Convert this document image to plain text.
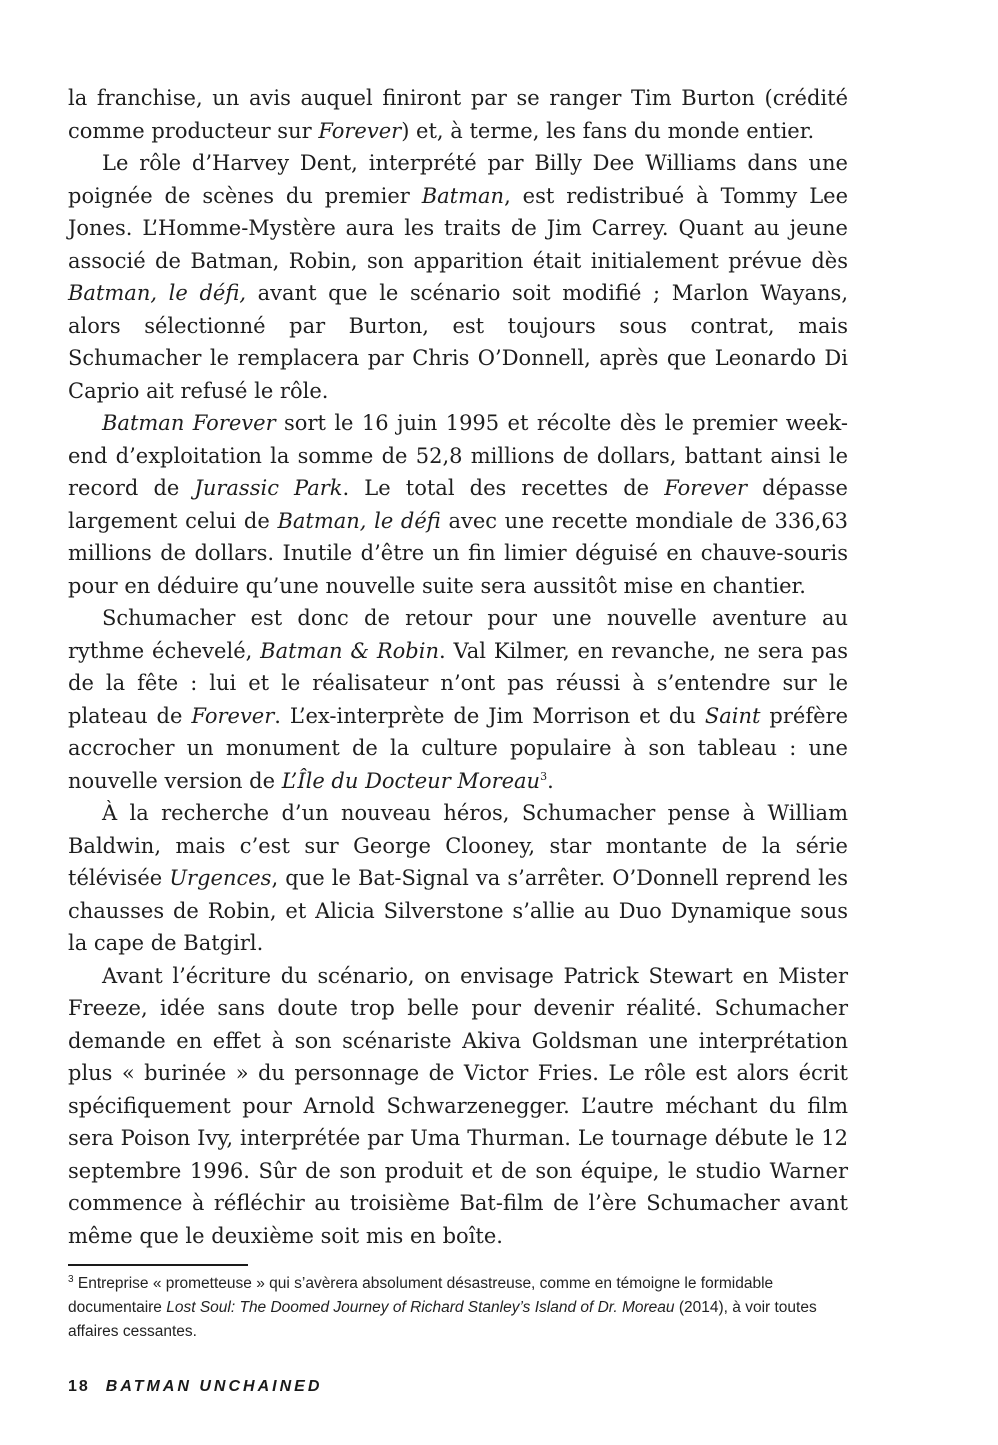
la franchise, un avis auquel finiront par se ranger Tim Burton (crédité comme producteur sur Forever) et, à terme, les fans du monde entier.

Le rôle d’Harvey Dent, interprété par Billy Dee Williams dans une poignée de scènes du premier Batman, est redistribué à Tommy Lee Jones. L’Homme-Mystère aura les traits de Jim Carrey. Quant au jeune associé de Batman, Robin, son apparition était initialement prévue dès Batman, le défi, avant que le scénario soit modifié ; Marlon Wayans, alors sélectionné par Burton, est toujours sous contrat, mais Schumacher le remplacera par Chris O’Donnell, après que Leonardo Di Caprio ait refusé le rôle.

Batman Forever sort le 16 juin 1995 et récolte dès le premier week-end d’exploitation la somme de 52,8 millions de dollars, battant ainsi le record de Jurassic Park. Le total des recettes de Forever dépasse largement celui de Batman, le défi avec une recette mondiale de 336,63 millions de dollars. Inutile d’être un fin limier déguisé en chauve-souris pour en déduire qu’une nouvelle suite sera aussitôt mise en chantier.

Schumacher est donc de retour pour une nouvelle aventure au rythme échevelé, Batman & Robin. Val Kilmer, en revanche, ne sera pas de la fête : lui et le réalisateur n’ont pas réussi à s’entendre sur le plateau de Forever. L’ex-interprète de Jim Morrison et du Saint préfère accrocher un monument de la culture populaire à son tableau : une nouvelle version de L’Île du Docteur Moreau$^3$.

À la recherche d’un nouveau héros, Schumacher pense à William Baldwin, mais c’est sur George Clooney, star montante de la série télévisée Urgences, que le Bat-Signal va s’arrêter. O’Donnell reprend les chausses de Robin, et Alicia Silverstone s’allie au Duo Dynamique sous la cape de Batgirl.

Avant l’écriture du scénario, on envisage Patrick Stewart en Mister Freeze, idée sans doute trop belle pour devenir réalité. Schumacher demande en effet à son scénariste Akiva Goldsman une interprétation plus « burinée » du personnage de Victor Fries. Le rôle est alors écrit spécifiquement pour Arnold Schwarzenegger. L’autre méchant du film sera Poison Ivy, interprétée par Uma Thurman. Le tournage débute le 12 septembre 1996. Sûr de son produit et de son équipe, le studio Warner commence à réfléchir au troisième Bat-film de l’ère Schumacher avant même que le deuxième soit mis en boîte.

$^3$ Entreprise « prometteuse » qui s’avèrera absolument désastreuse, comme en témoigne le formidable documentaire Lost Soul: The Doomed Journey of Richard Stanley’s Island of Dr. Moreau (2014), à voir toutes affaires cessantes.
18 BATMAN UNCHAINED
